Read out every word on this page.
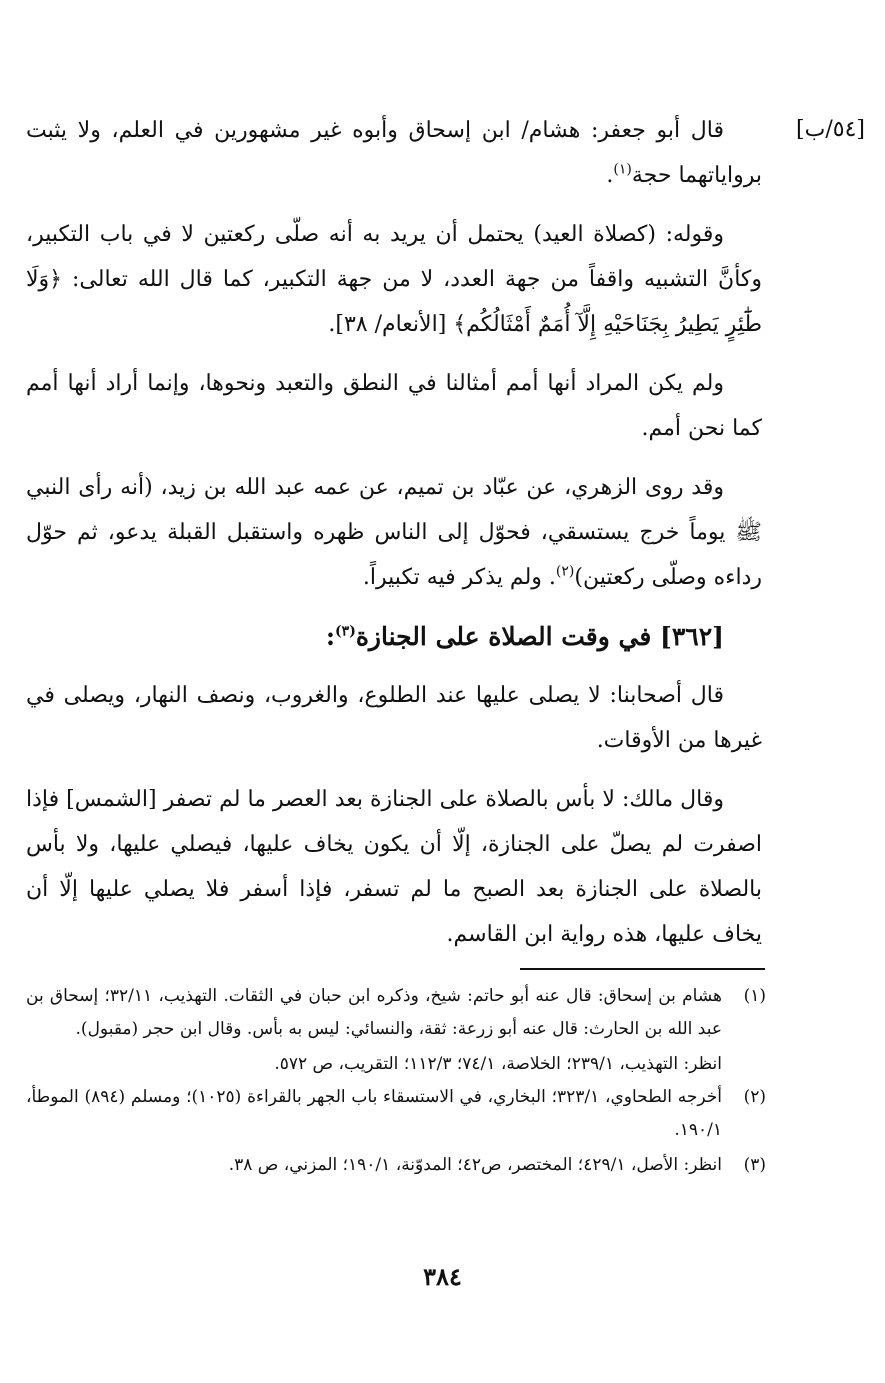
[٥٤/ب]

قال أبو جعفر: هشام/ ابن إسحاق وأبوه غير مشهورين في العلم، ولا يثبت برواياتهما حجة$^{(١)}$.

وقوله: (كصلاة العيد) يحتمل أن يريد به أنه صلّى ركعتين لا في باب التكبير، وكأنَّ التشبيه واقفاً من جهة العدد، لا من جهة التكبير، كما قال الله تعالى: ﴿وَلَا طَٰٓئِرٍ يَطِيرُ بِجَنَاحَيْهِ إِلَّآ أُمَمٌ أَمْثَالُكُم﴾ [الأنعام/ ٣٨].

ولم يكن المراد أنها أمم أمثالنا في النطق والتعبد ونحوها، وإنما أراد أنها أمم كما نحن أمم.

وقد روى الزهري، عن عبّاد بن تميم، عن عمه عبد الله بن زيد، (أنه رأى النبي ﷺ يوماً خرج يستسقي، فحوّل إلى الناس ظهره واستقبل القبلة يدعو، ثم حوّل رداءه وصلّى ركعتين)$^{(٢)}$. ولم يذكر فيه تكبيراً.

[٣٦٢] في وقت الصلاة على الجنازة$^{(٣)}$:

قال أصحابنا: لا يصلى عليها عند الطلوع، والغروب، ونصف النهار، ويصلى في غيرها من الأوقات.

وقال مالك: لا بأس بالصلاة على الجنازة بعد العصر ما لم تصفر [الشمس] فإذا اصفرت لم يصلّ على الجنازة، إلّا أن يكون يخاف عليها، فيصلي عليها، ولا بأس بالصلاة على الجنازة بعد الصبح ما لم تسفر، فإذا أسفر فلا يصلي عليها إلّا أن يخاف عليها، هذه رواية ابن القاسم.

(١)
هشام بن إسحاق: قال عنه أبو حاتم: شيخ، وذكره ابن حبان في الثقات. التهذيب، ٣٢/١١؛ إسحاق بن عبد الله بن الحارث: قال عنه أبو زرعة: ثقة، والنسائي: ليس به بأس. وقال ابن حجر (مقبول).
انظر: التهذيب، ٢٣٩/١؛ الخلاصة، ٧٤/١؛ ١١٢/٣؛ التقريب، ص ٥٧٢.
(٢)
أخرجه الطحاوي، ٣٢٣/١؛ البخاري، في الاستسقاء باب الجهر بالقراءة (١٠٢٥)؛ ومسلم (٨٩٤) الموطأ، ١٩٠/١.
(٣)
انظر: الأصل، ٤٢٩/١؛ المختصر، ص٤٢؛ المدوّنة، ١٩٠/١؛ المزني، ص ٣٨.
٣٨٤
